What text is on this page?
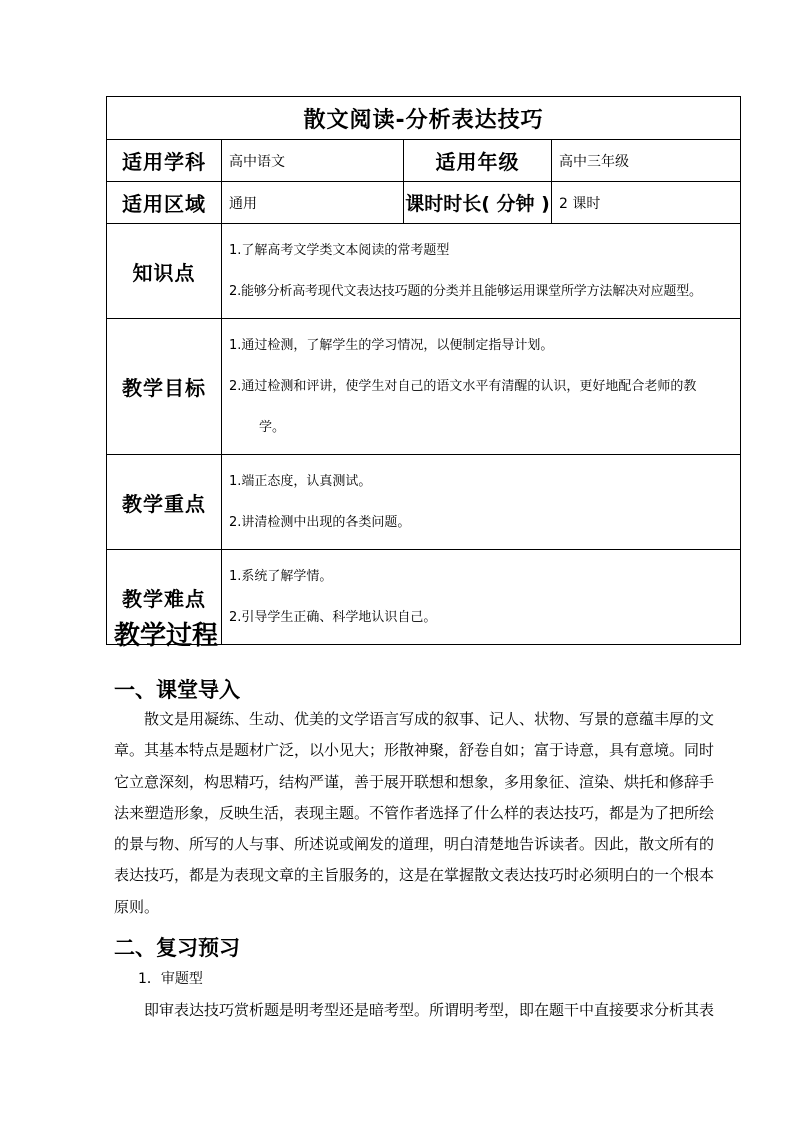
散文阅读-分析表达技巧			
适用学科	高中语文	适用年级	高中三年级
适用区域	通用	课时时长( 分钟 )	2 课时
知识点	1.了解高考文学类文本阅读的常考题型
2.能够分析高考现代文表达技巧题的分类并且能够运用课堂所学方法解决对应题型。		

教学目标	1.通过检测，了解学生的学习情况，以便制定指导计划。
2.通过检测和评讲，使学生对自己的语文水平有清醒的认识，更好地配合老师的教
学。		

教学重点	1.端正态度，认真测试。
2.讲清检测中出现的各类问题。		

教学难点	1.系统了解学情。
2.引导学生正确、科学地认识自己。		
教学过程
一、课堂导入
散文是用凝练、生动、优美的文学语言写成的叙事、记人、状物、写景的意蕴丰厚的文
章。其基本特点是题材广泛，以小见大；形散神聚，舒卷自如；富于诗意，具有意境。同时
它立意深刻，构思精巧，结构严谨，善于展开联想和想象，多用象征、渲染、烘托和修辞手
法来塑造形象，反映生活，表现主题。不管作者选择了什么样的表达技巧，都是为了把所绘
的景与物、所写的人与事、所述说或阐发的道理，明白清楚地告诉读者。因此，散文所有的
表达技巧，都是为表现文章的主旨服务的，这是在掌握散文表达技巧时必须明白的一个根本
原则。
二、复习预习
1．审题型
即审表达技巧赏析题是明考型还是暗考型。所谓明考型，即在题干中直接要求分析其表
